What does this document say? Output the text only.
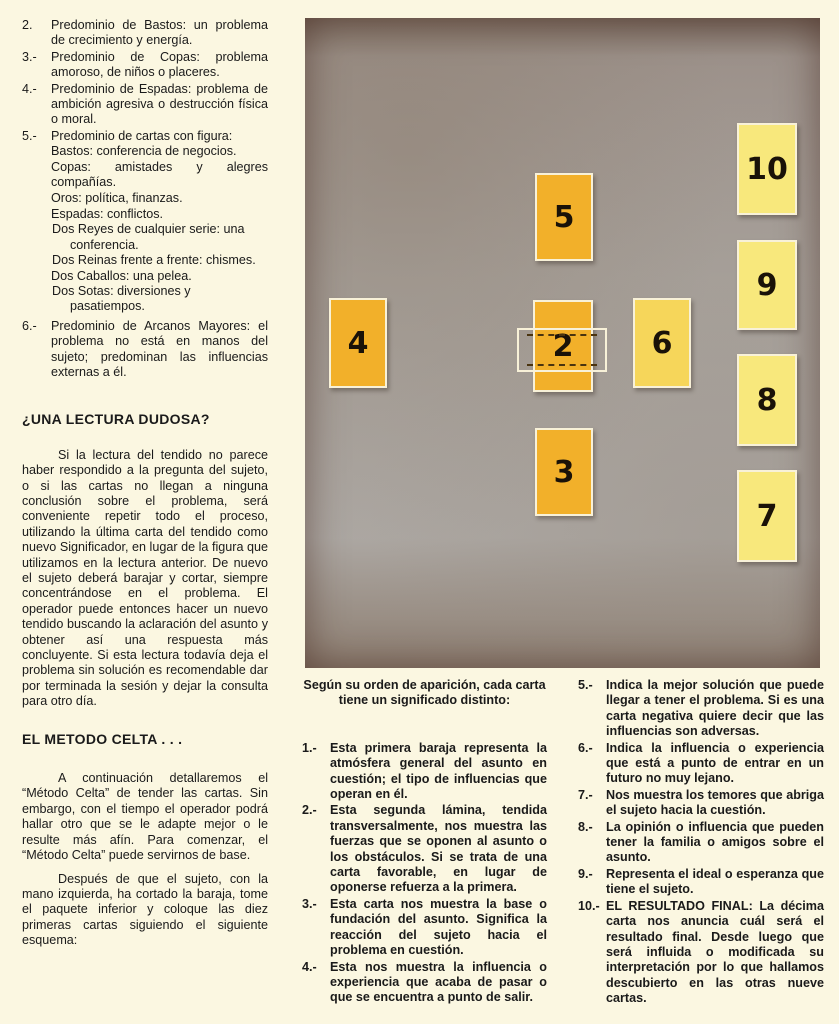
2.	Predominio de Bastos: un problema de crecimiento y energía.
3.-	Predominio de Copas: problema amoroso, de niños o placeres.
4.-	Predominio de Espadas: problema de ambición agresiva o destrucción física o moral.
5.-	Predominio de cartas con figura:
Bastos: conferencia de negocios.
Copas: amistades y alegres compañías.
Oros: política, finanzas.
Espadas: conflictos.
Dos Reyes de cualquier serie: una conferencia.
Dos Reinas frente a frente: chismes.
Dos Caballos: una pelea.
Dos Sotas: diversiones y pasatiempos.
6.-	Predominio de Arcanos Mayores: el problema no está en manos del sujeto; predominan las influencias externas a él.
¿UNA LECTURA DUDOSA?

Si la lectura del tendido no parece haber respondido a la pregunta del sujeto, o si las cartas no llegan a ninguna conclusión sobre el problema, será conveniente repetir todo el proceso, utilizando la última carta del tendido como nuevo Significador, en lugar de la figura que utilizamos en la lectura anterior. De nuevo el sujeto deberá barajar y cortar, siempre concentrándose en el problema. El operador puede entonces hacer un nuevo tendido buscando la aclaración del asunto y obtener así una respuesta más concluyente. Si esta lectura todavía deja el problema sin solución es recomendable dar por terminada la sesión y dejar la consulta para otro día.

EL METODO CELTA . . .

A continuación detallaremos el “Método Celta” de tender las cartas. Sin embargo, con el tiempo el operador podrá hallar otro que se le adapte mejor o le resulte más afín. Para comenzar, el “Método Celta” puede servirnos de base.

Después de que el sujeto, con la mano izquierda, ha cortado la baraja, tome el paquete inferior y coloque las diez primeras cartas siguiendo el siguiente esquema:

5
4	2	6
3
10
9
8
7
Según su orden de aparición, cada carta tiene un significado distinto:
1.-	Esta primera baraja representa la atmósfera general del asunto en cuestión; el tipo de influencias que operan en él.
2.-	Esta segunda lámina, tendida transversalmente, nos muestra las fuerzas que se oponen al asunto o los obstáculos. Si se trata de una carta favorable, en lugar de oponerse refuerza a la primera.
3.-	Esta carta nos muestra la base o fundación del asunto. Significa la reacción del sujeto hacia el problema en cuestión.
4.-	Esta nos muestra la influencia o experiencia que acaba de pasar o que se encuentra a punto de salir.
5.-	Indica la mejor solución que puede llegar a tener el problema. Si es una carta negativa quiere decir que las influencias son adversas.
6.-	Indica la influencia o experiencia que está a punto de entrar en un futuro no muy lejano.
7.-	Nos muestra los temores que abriga el sujeto hacia la cuestión.
8.-	La opinión o influencia que pueden tener la familia o amigos sobre el asunto.
9.-	Representa el ideal o esperanza que tiene el sujeto.
10.- EL RESULTADO FINAL: La décima carta nos anuncia cuál será el resultado final. Desde luego que será influida o modificada su interpretación por lo que hallamos descubierto en las otras nueve cartas.
